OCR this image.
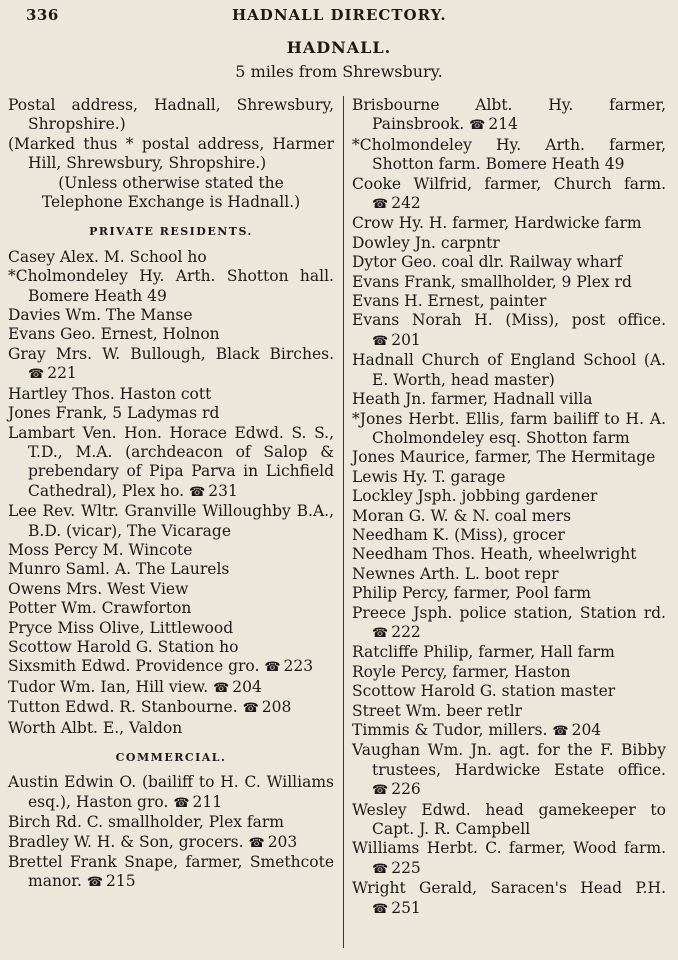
336	HADNALL DIRECTORY.
HADNALL.
5 miles from Shrewsbury.
Postal address, Hadnall, Shrewsbury, Shropshire.)
(Marked thus * postal address, Harmer Hill, Shrewsbury, Shropshire.)
(Unless otherwise stated the Telephone Exchange is Hadnall.)
PRIVATE RESIDENTS.
Casey Alex. M. School ho
*Cholmondeley Hy. Arth. Shotton hall. Bomere Heath 49
Davies Wm. The Manse
Evans Geo. Ernest, Holnon
Gray Mrs. W. Bullough, Black Birches. ☎ 221
Hartley Thos. Haston cott
Jones Frank, 5 Ladymas rd
Lambart Ven. Hon. Horace Edwd. S. S., T.D., M.A. (archdeacon of Salop & prebendary of Pipa Parva in Lichfield Cathedral), Plex ho. ☎ 231
Lee Rev. Wltr. Granville Willoughby B.A., B.D. (vicar), The Vicarage
Moss Percy M. Wincote
Munro Saml. A. The Laurels
Owens Mrs. West View
Potter Wm. Crawforton
Pryce Miss Olive, Littlewood
Scottow Harold G. Station ho
Sixsmith Edwd. Providence gro. ☎ 223
Tudor Wm. Ian, Hill view. ☎ 204
Tutton Edwd. R. Stanbourne. ☎ 208
Worth Albt. E., Valdon
COMMERCIAL.
Austin Edwin O. (bailiff to H. C. Williams esq.), Haston gro. ☎ 211
Birch Rd. C. smallholder, Plex farm
Bradley W. H. & Son, grocers. ☎ 203
Brettel Frank Snape, farmer, Smethcote manor. ☎ 215
Brisbourne Albt. Hy. farmer, Painsbrook. ☎ 214
*Cholmondeley Hy. Arth. farmer, Shotton farm. Bomere Heath 49
Cooke Wilfrid, farmer, Church farm. ☎ 242
Crow Hy. H. farmer, Hardwicke farm
Dowley Jn. carpntr
Dytor Geo. coal dlr. Railway wharf
Evans Frank, smallholder, 9 Plex rd
Evans H. Ernest, painter
Evans Norah H. (Miss), post office. ☎ 201
Hadnall Church of England School (A. E. Worth, head master)
Heath Jn. farmer, Hadnall villa
*Jones Herbt. Ellis, farm bailiff to H. A. Cholmondeley esq. Shotton farm
Jones Maurice, farmer, The Hermitage
Lewis Hy. T. garage
Lockley Jsph. jobbing gardener
Moran G. W. & N. coal mers
Needham K. (Miss), grocer
Needham Thos. Heath, wheelwright
Newnes Arth. L. boot repr
Philip Percy, farmer, Pool farm
Preece Jsph. police station, Station rd. ☎ 222
Ratcliffe Philip, farmer, Hall farm
Royle Percy, farmer, Haston
Scottow Harold G. station master
Street Wm. beer retlr
Timmis & Tudor, millers. ☎ 204
Vaughan Wm. Jn. agt. for the F. Bibby trustees, Hardwicke Estate office. ☎ 226
Wesley Edwd. head gamekeeper to Capt. J. R. Campbell
Williams Herbt. C. farmer, Wood farm. ☎ 225
Wright Gerald, Saracen's Head P.H. ☎ 251
